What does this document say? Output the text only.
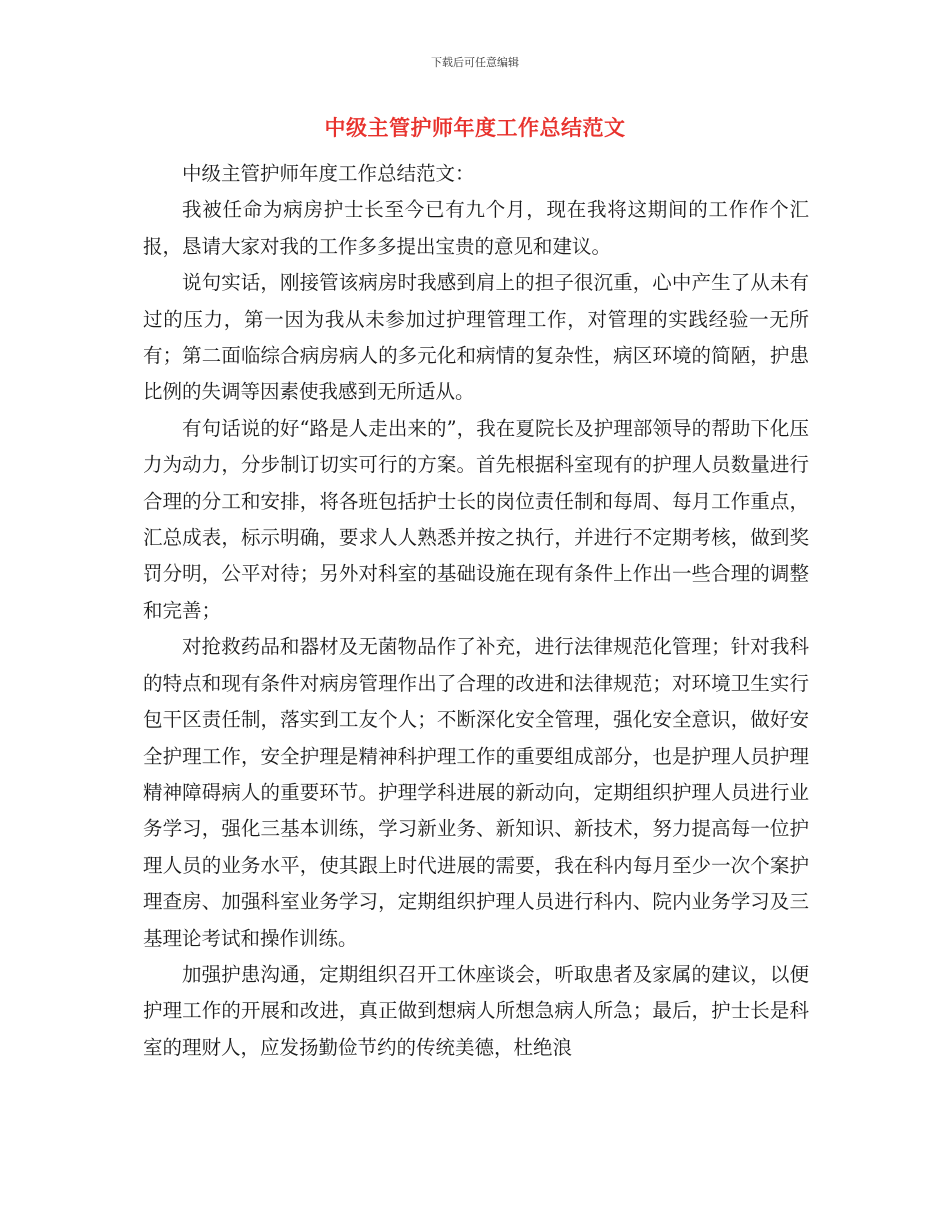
下载后可任意编辑

中级主管护师年度工作总结范文

中级主管护师年度工作总结范文：

我被任命为病房护士长至今已有九个月，现在我将这期间的工作作个汇报，恳请大家对我的工作多多提出宝贵的意见和建议。

说句实话，刚接管该病房时我感到肩上的担子很沉重，心中产生了从未有过的压力，第一因为我从未参加过护理管理工作，对管理的实践经验一无所有；第二面临综合病房病人的多元化和病情的复杂性，病区环境的简陋，护患比例的失调等因素使我感到无所适从。

有句话说的好“路是人走出来的”，我在夏院长及护理部领导的帮助下化压力为动力，分步制订切实可行的方案。首先根据科室现有的护理人员数量进行合理的分工和安排，将各班包括护士长的岗位责任制和每周、每月工作重点，汇总成表，标示明确，要求人人熟悉并按之执行，并进行不定期考核，做到奖罚分明，公平对待；另外对科室的基础设施在现有条件上作出一些合理的调整和完善；

对抢救药品和器材及无菌物品作了补充，进行法律规范化管理；针对我科的特点和现有条件对病房管理作出了合理的改进和法律规范；对环境卫生实行包干区责任制，落实到工友个人；不断深化安全管理，强化安全意识，做好安全护理工作，安全护理是精神科护理工作的重要组成部分，也是护理人员护理精神障碍病人的重要环节。护理学科进展的新动向，定期组织护理人员进行业务学习，强化三基本训练，学习新业务、新知识、新技术，努力提高每一位护理人员的业务水平，使其跟上时代进展的需要，我在科内每月至少一次个案护理查房、加强科室业务学习，定期组织护理人员进行科内、院内业务学习及三基理论考试和操作训练。

加强护患沟通，定期组织召开工休座谈会，听取患者及家属的建议，以便护理工作的开展和改进，真正做到想病人所想急病人所急；最后，护士长是科室的理财人，应发扬勤俭节约的传统美德，杜绝浪
